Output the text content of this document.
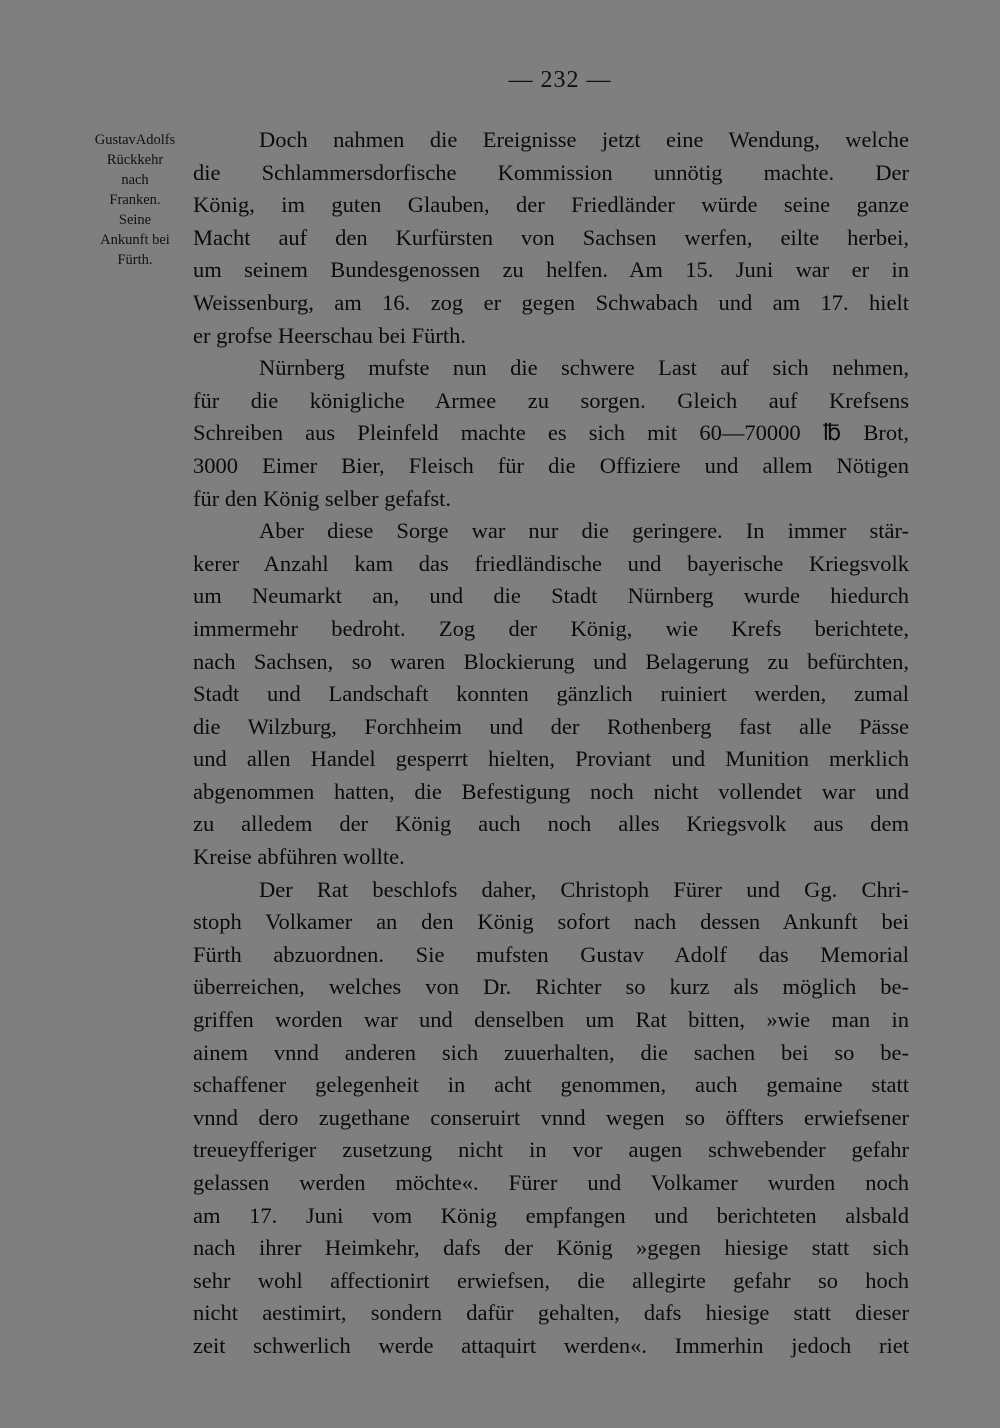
— 232 —
GustavAdolfs
Rückkehr
nach
Franken.
Seine
Ankunft bei
Fürth.
Doch nahmen die Ereignisse jetzt eine Wendung, welche
die Schlammersdorfische Kommission unnötig machte. Der
König, im guten Glauben, der Friedländer würde seine ganze
Macht auf den Kurfürsten von Sachsen werfen, eilte herbei,
um seinem Bundesgenossen zu helfen. Am 15. Juni war er in
Weissenburg, am 16. zog er gegen Schwabach und am 17. hielt
er grofse Heerschau bei Fürth.
Nürnberg mufste nun die schwere Last auf sich nehmen,
für die königliche Armee zu sorgen. Gleich auf Krefsens
Schreiben aus Pleinfeld machte es sich mit 60—70000 ℔ Brot,
3000 Eimer Bier, Fleisch für die Offiziere und allem Nötigen
für den König selber gefafst.
Aber diese Sorge war nur die geringere. In immer stär-
kerer Anzahl kam das friedländische und bayerische Kriegsvolk
um Neumarkt an, und die Stadt Nürnberg wurde hiedurch
immermehr bedroht. Zog der König, wie Krefs berichtete,
nach Sachsen, so waren Blockierung und Belagerung zu befürchten,
Stadt und Landschaft konnten gänzlich ruiniert werden, zumal
die Wilzburg, Forchheim und der Rothenberg fast alle Pässe
und allen Handel gesperrt hielten, Proviant und Munition merklich
abgenommen hatten, die Befestigung noch nicht vollendet war und
zu alledem der König auch noch alles Kriegsvolk aus dem
Kreise abführen wollte.
Der Rat beschlofs daher, Christoph Fürer und Gg. Chri-
stoph Volkamer an den König sofort nach dessen Ankunft bei
Fürth abzuordnen. Sie mufsten Gustav Adolf das Memorial
überreichen, welches von Dr. Richter so kurz als möglich be-
griffen worden war und denselben um Rat bitten, »wie man in
ainem vnnd anderen sich zuuerhalten, die sachen bei so be-
schaffener gelegenheit in acht genommen, auch gemaine statt
vnnd dero zugethane conseruirt vnnd wegen so öffters erwiefsener
treueyfferiger zusetzung nicht in vor augen schwebender gefahr
gelassen werden möchte«. Fürer und Volkamer wurden noch
am 17. Juni vom König empfangen und berichteten alsbald
nach ihrer Heimkehr, dafs der König »gegen hiesige statt sich
sehr wohl affectionirt erwiefsen, die allegirte gefahr so hoch
nicht aestimirt, sondern dafür gehalten, dafs hiesige statt dieser
zeit schwerlich werde attaquirt werden«. Immerhin jedoch riet
